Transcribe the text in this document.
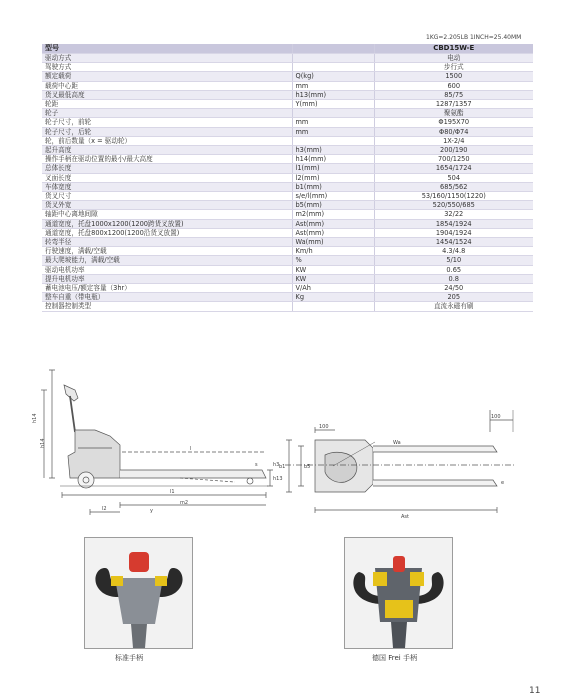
1KG=2.205LB 1INCH=25.40MM
型号		CBD15W-E
驱动方式		电动
驾驶方式		步行式
额定载荷	Q(kg)	1500
载荷中心距	mm	600
货叉最低高度	h13(mm)	85/75
轮距	Y(mm)	1287/1357
轮子		聚氨酯
轮子尺寸，前轮	mm	Φ195X70
轮子尺寸，后轮	mm	Φ80/Φ74
轮，前后数量（x = 驱动轮）		1X-2/4
起升高度	h3(mm)	200/190
操作手柄在驱动位置的最小/最大高度	h14(mm)	700/1250
总体长度	l1(mm)	1654/1724
叉面长度	l2(mm)	504
车体宽度	b1(mm)	685/562
货叉尺寸	s/e/l(mm)	53/160/1150(1220)
货叉外宽	b5(mm)	520/550/685
轴距中心离地间隙	m2(mm)	32/22
通道宽度，托盘1000x1200(1200跨货叉放置)	Ast(mm)	1854/1924
通道宽度，托盘800x1200(1200沿货叉放置)	Ast(mm)	1904/1924
转弯半径	Wa(mm)	1454/1524
行驶速度，满载/空载	Km/h	4.3/4.8
最大爬坡能力，满载/空载	%	5/10
驱动电机功率	KW	0.65
提升电机功率	KW	0.8
蓄电池电压/额定容量（3hr）	V/Ah	24/50
整车自重（带电瓶）	Kg	205
控制器控制类型		直流永磁有刷
h14
h14
l
l2
l1
m2
h13
h3
y
s
100
100
Wa
b1	b5
e
Ast
标准手柄	德国 Frei 手柄
11
